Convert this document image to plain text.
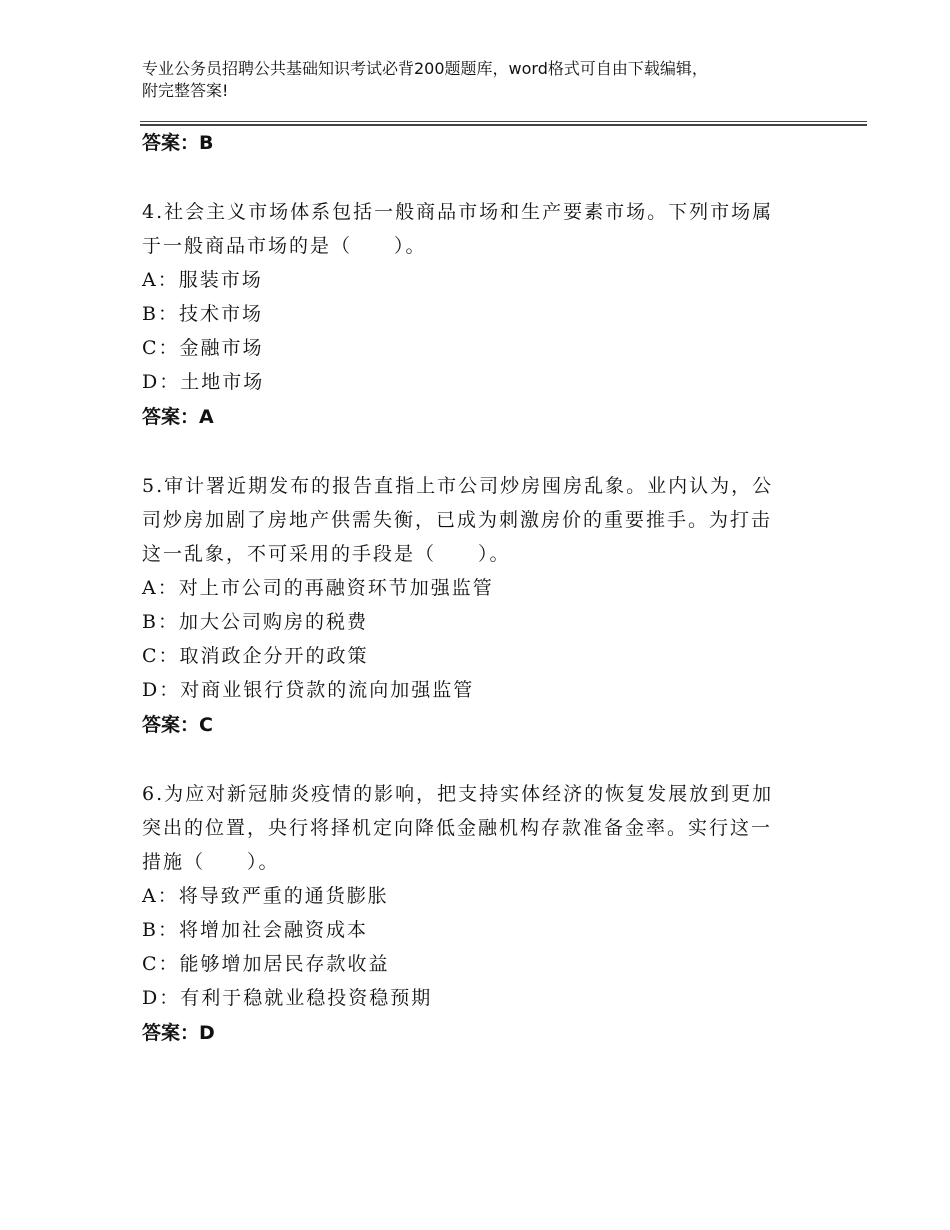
专业公务员招聘公共基础知识考试必背200题题库，word格式可自由下载编辑，
附完整答案!
答案：B

4.社会主义市场体系包括一般商品市场和生产要素市场。下列市场属

于一般商品市场的是（　　）。

A：服装市场

B：技术市场

C：金融市场

D：土地市场

答案：A

5.审计署近期发布的报告直指上市公司炒房囤房乱象。业内认为，公

司炒房加剧了房地产供需失衡，已成为刺激房价的重要推手。为打击

这一乱象，不可采用的手段是（　　）。

A：对上市公司的再融资环节加强监管

B：加大公司购房的税费

C：取消政企分开的政策

D：对商业银行贷款的流向加强监管

答案：C

6.为应对新冠肺炎疫情的影响，把支持实体经济的恢复发展放到更加

突出的位置，央行将择机定向降低金融机构存款准备金率。实行这一

措施（　　）。

A：将导致严重的通货膨胀

B：将增加社会融资成本

C：能够增加居民存款收益

D：有利于稳就业稳投资稳预期

答案：D
